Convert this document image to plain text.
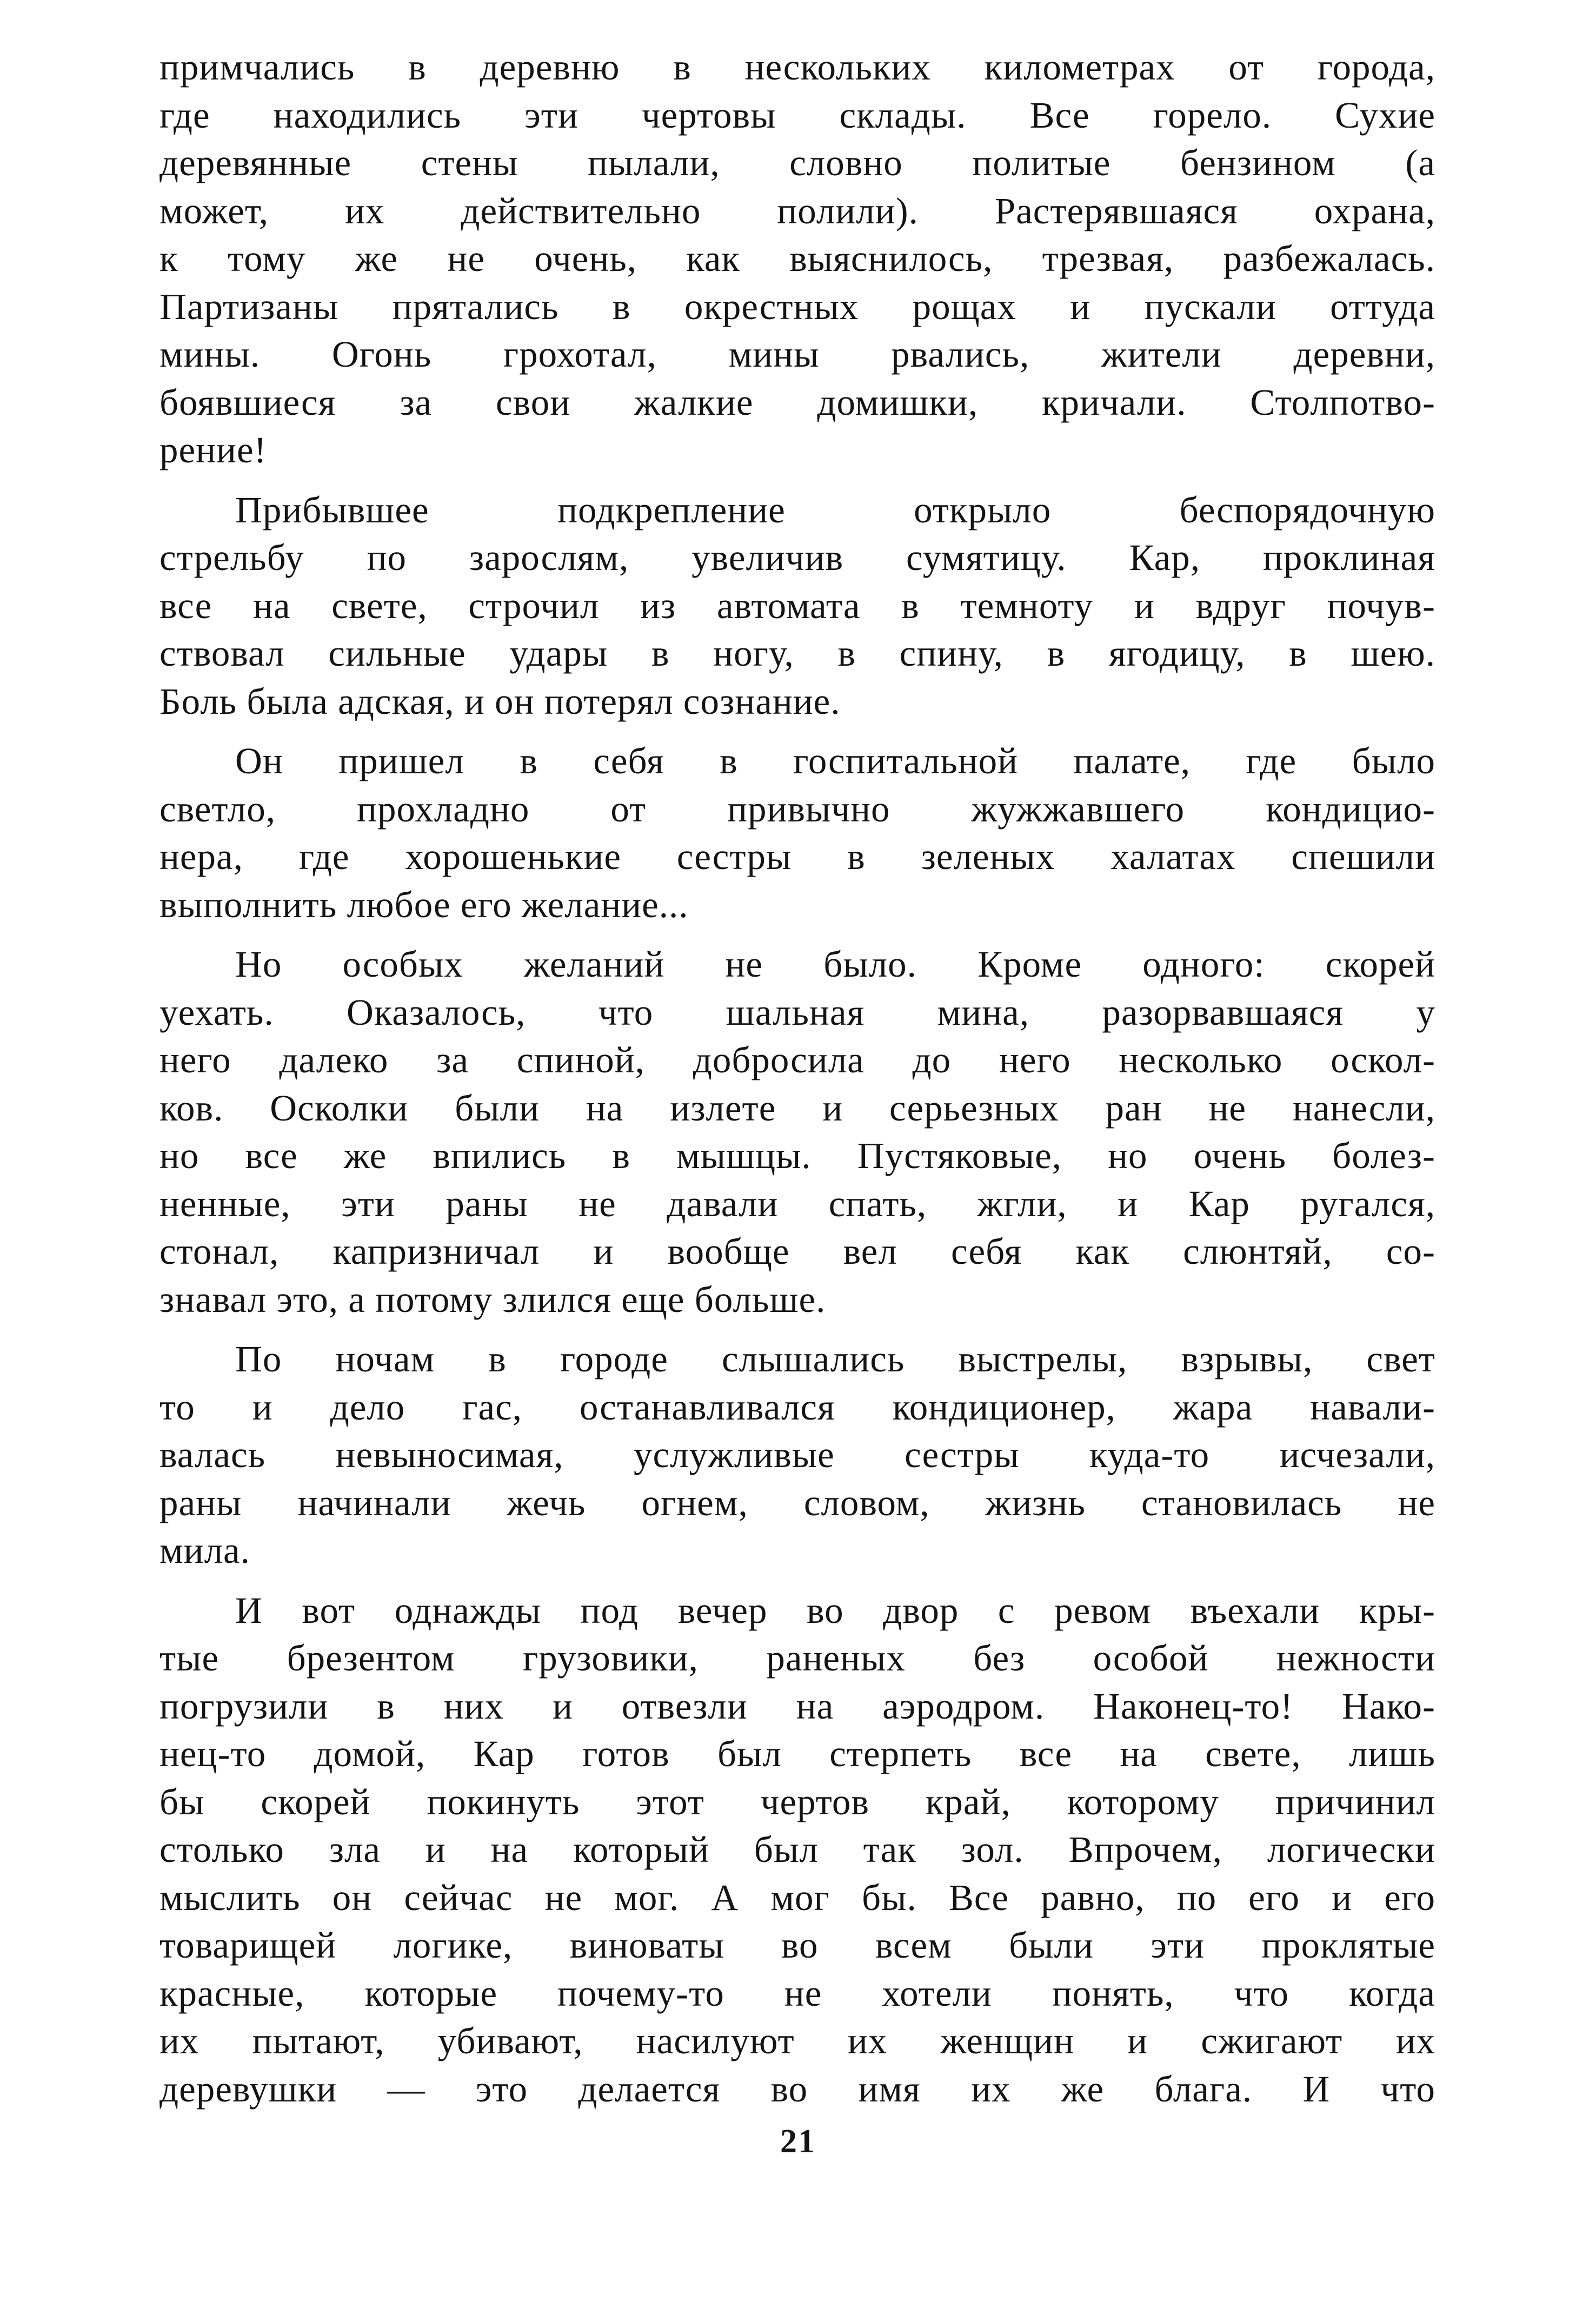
примчались в деревню в нескольких километрах от города,
где находились эти чертовы склады. Все горело. Сухие
деревянные стены пылали, словно политые бензином (а
может, их действительно полили). Растерявшаяся охрана,
к тому же не очень, как выяснилось, трезвая, разбежалась.
Партизаны прятались в окрестных рощах и пускали оттуда
мины. Огонь грохотал, мины рвались, жители деревни,
боявшиеся за свои жалкие домишки, кричали. Столпотво-
рение!

Прибывшее подкрепление открыло беспорядочную
стрельбу по зарослям, увеличив сумятицу. Кар, проклиная
все на свете, строчил из автомата в темноту и вдруг почув-
ствовал сильные удары в ногу, в спину, в ягодицу, в шею.
Боль была адская, и он потерял сознание.

Он пришел в себя в госпитальной палате, где было
светло, прохладно от привычно жужжавшего кондицио-
нера, где хорошенькие сестры в зеленых халатах спешили
выполнить любое его желание...

Но особых желаний не было. Кроме одного: скорей
уехать. Оказалось, что шальная мина, разорвавшаяся у
него далеко за спиной, добросила до него несколько оскол-
ков. Осколки были на излете и серьезных ран не нанесли,
но все же впились в мышцы. Пустяковые, но очень болез-
ненные, эти раны не давали спать, жгли, и Кар ругался,
стонал, капризничал и вообще вел себя как слюнтяй, со-
знавал это, а потому злился еще больше.

По ночам в городе слышались выстрелы, взрывы, свет
то и дело гас, останавливался кондиционер, жара навали-
валась невыносимая, услужливые сестры куда-то исчезали,
раны начинали жечь огнем, словом, жизнь становилась не
мила.

И вот однажды под вечер во двор с ревом въехали кры-
тые брезентом грузовики, раненых без особой нежности
погрузили в них и отвезли на аэродром. Наконец-то! Нако-
нец-то домой, Кар готов был стерпеть все на свете, лишь
бы скорей покинуть этот чертов край, которому причинил
столько зла и на который был так зол. Впрочем, логически
мыслить он сейчас не мог. А мог бы. Все равно, по его и его
товарищей логике, виноваты во всем были эти проклятые
красные, которые почему-то не хотели понять, что когда
их пытают, убивают, насилуют их женщин и сжигают их
деревушки — это делается во имя их же блага. И что

21
